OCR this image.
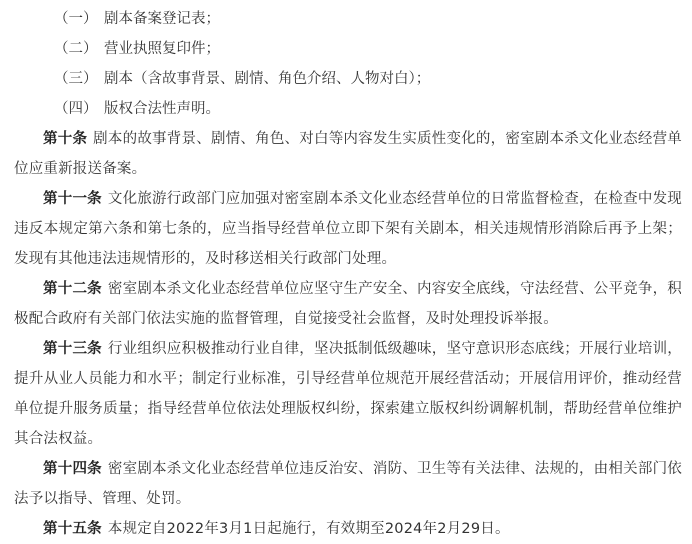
（一） 剧本备案登记表；
（二） 营业执照复印件；
（三） 剧本（含故事背景、剧情、角色介绍、人物对白）；
（四） 版权合法性声明。

第十条 剧本的故事背景、剧情、角色、对白等内容发生实质性变化的，密室剧本杀文化业态经营单位应重新报送备案。

第十一条 文化旅游行政部门应加强对密室剧本杀文化业态经营单位的日常监督检查，在检查中发现违反本规定第六条和第七条的，应当指导经营单位立即下架有关剧本，相关违规情形消除后再予上架；发现有其他违法违规情形的，及时移送相关行政部门处理。

第十二条 密室剧本杀文化业态经营单位应坚守生产安全、内容安全底线，守法经营、公平竞争，积极配合政府有关部门依法实施的监督管理，自觉接受社会监督，及时处理投诉举报。

第十三条 行业组织应积极推动行业自律，坚决抵制低级趣味，坚守意识形态底线；开展行业培训，提升从业人员能力和水平；制定行业标准，引导经营单位规范开展经营活动；开展信用评价，推动经营单位提升服务质量；指导经营单位依法处理版权纠纷，探索建立版权纠纷调解机制，帮助经营单位维护其合法权益。

第十四条 密室剧本杀文化业态经营单位违反治安、消防、卫生等有关法律、法规的，由相关部门依法予以指导、管理、处罚。

第十五条 本规定自2022年3月1日起施行，有效期至2024年2月29日。
